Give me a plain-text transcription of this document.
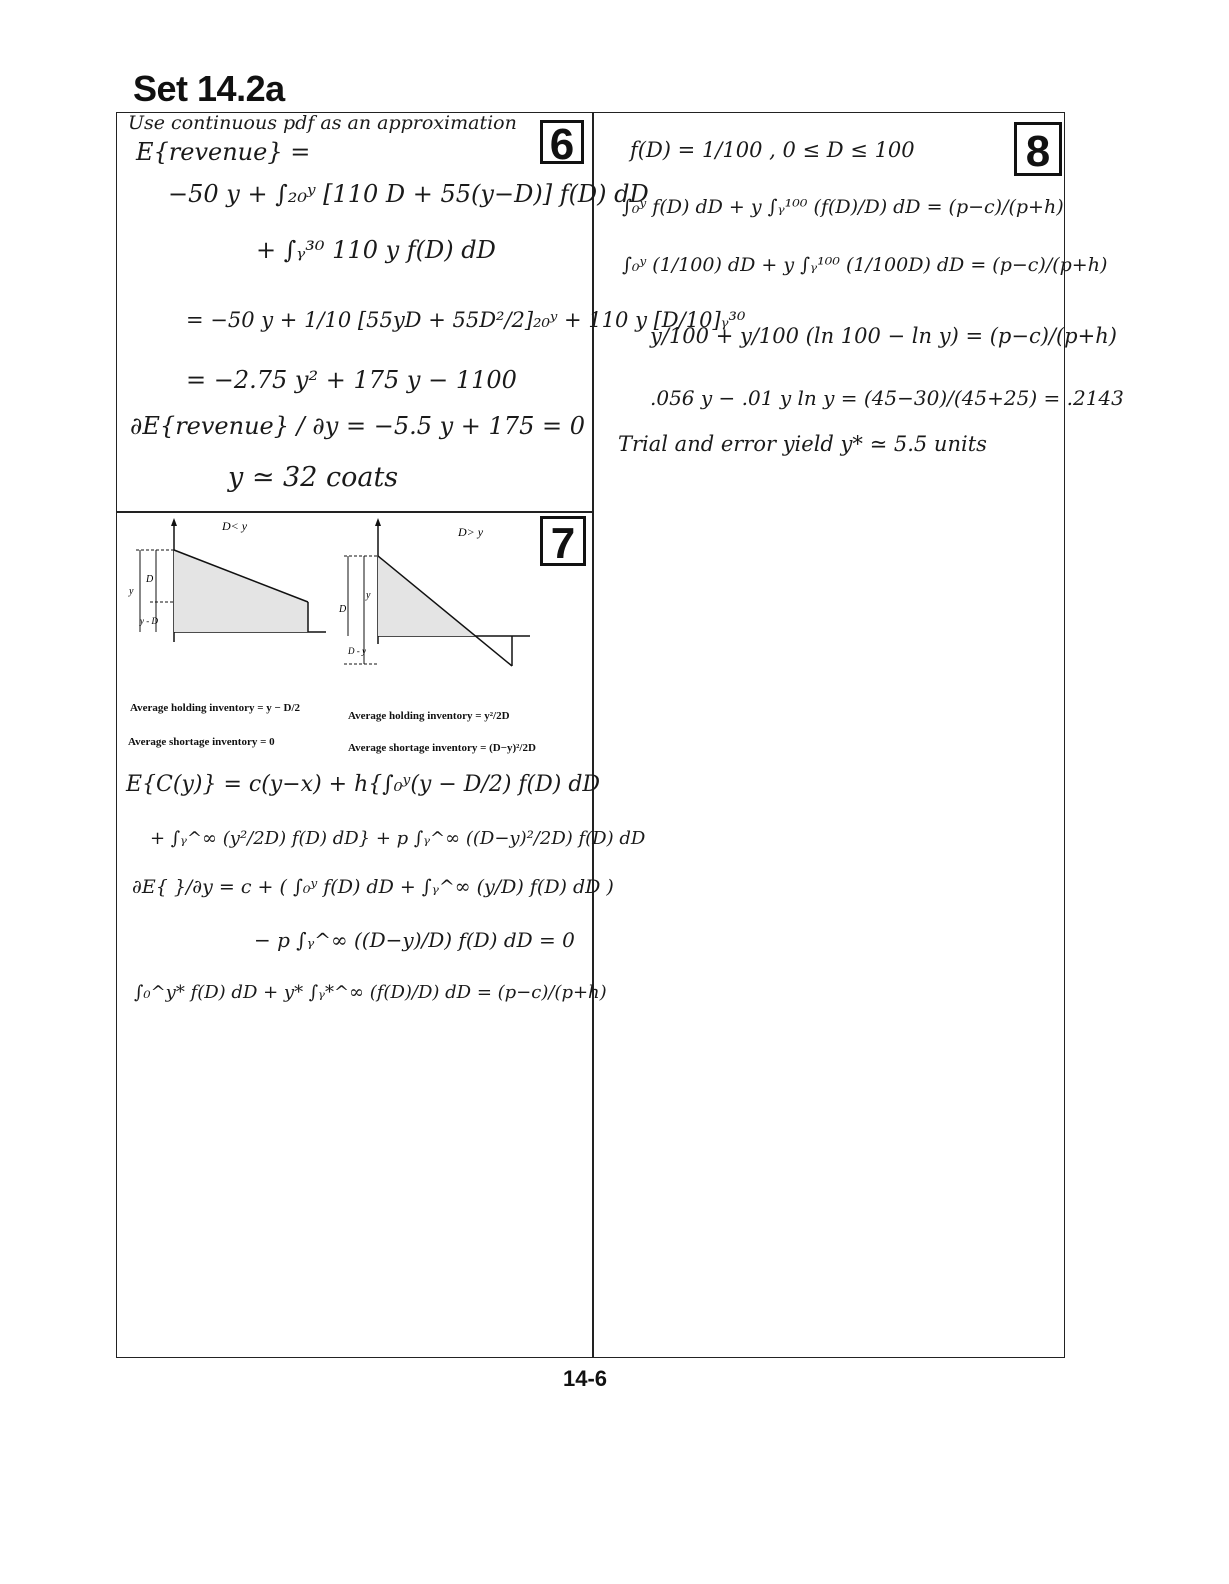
Set 14.2a
6
Use continuous pdf as an approximation
E{revenue} =
−50 y + ∫₂₀ʸ [110 D + 55(y−D)] f(D) dD
+ ∫ᵧ³⁰ 110 y f(D) dD
= −50 y + 1/10 [55yD + 55D²/2]₂₀ʸ + 110 y [D/10]ᵧ³⁰
= −2.75 y² + 175 y − 1100
∂E{revenue} / ∂y = −5.5 y + 175 = 0
y ≃ 32 coats
7
D< y
D
y
y - D
D> y
D
y
D - y
Average holding inventory = y − D/2
Average shortage inventory = 0
Average holding inventory = y²/2D
Average shortage inventory = (D−y)²/2D
E{C(y)} = c(y−x) + h{∫₀ʸ(y − D/2) f(D) dD
+ ∫ᵧ^∞ (y²/2D) f(D) dD} + p ∫ᵧ^∞ ((D−y)²/2D) f(D) dD
∂E{ }/∂y = c + ( ∫₀ʸ f(D) dD + ∫ᵧ^∞ (y/D) f(D) dD )
− p ∫ᵧ^∞ ((D−y)/D) f(D) dD = 0
∫₀^y* f(D) dD + y* ∫ᵧ*^∞ (f(D)/D) dD = (p−c)/(p+h)
8
f(D) = 1/100 , 0 ≤ D ≤ 100
∫₀ʸ f(D) dD + y ∫ᵧ¹⁰⁰ (f(D)/D) dD = (p−c)/(p+h)
∫₀ʸ (1/100) dD + y ∫ᵧ¹⁰⁰ (1/100D) dD = (p−c)/(p+h)
y/100 + y/100 (ln 100 − ln y) = (p−c)/(p+h)
.056 y − .01 y ln y = (45−30)/(45+25) = .2143
Trial and error yield y* ≃ 5.5 units
14-6
